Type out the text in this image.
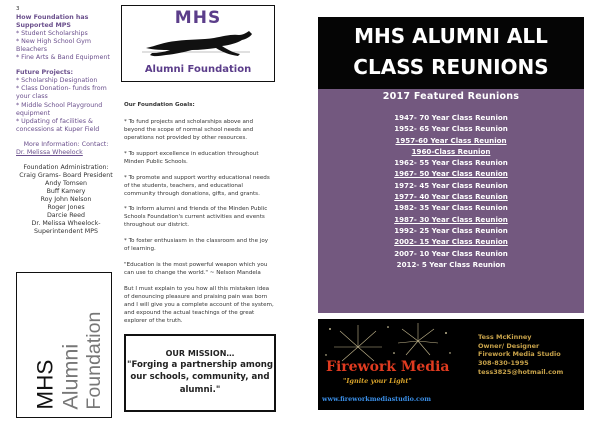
3
How Foundation has Supported MPS
* Student Scholarships
* New High School Gym Bleachers
* Fine Arts & Band Equipment
Future Projects:
* Scholarship Designation
* Class Donation- funds from your class
* Middle School Playground equipment
* Updating of facilities & concessions at Kuper Field
More Information: Contact:
Dr. Melissa Wheelock
Foundation Administration:
Craig Grams- Board President
Andy Tomsen
Buff Kamery
Roy John Nelson
Roger Jones
Darcie Reed
Dr. Melissa Wheelock-
Superintendent MPS
MHS Alumni Foundation
MHS
Alumni Foundation
Our Foundation Goals:

* To fund projects and scholarships above and beyond the scope of normal school needs and operations not provided by other resources.

* To support excellence in education throughout Minden Public Schools.

* To promote and support worthy educational needs of the students, teachers, and educational community through donations, gifts, and grants.

* To inform alumni and friends of the Minden Public Schools Foundation's current activities and events throughout our district.

* To foster enthusiasm in the classroom and the joy of learning.

"Education is the most powerful weapon which you can use to change the world." ~ Nelson Mandela

But I must explain to you how all this mistaken idea of denouncing pleasure and praising pain was born and I will give you a complete account of the system, and expound the actual teachings of the great explorer of the truth.

OUR MISSION…
"Forging a partnership among our schools, community, and alumni."
MHS ALUMNI ALL
CLASS REUNIONS
2017 Featured Reunions
1947- 70 Year Class Reunion
1952- 65 Year Class Reunion
1957-60 Year Class Reunion
1960-Class Reunion
1962- 55 Year Class Reunion
1967- 50 Year Class Reunion
1972- 45 Year Class Reunion
1977- 40 Year Class Reunion
1982- 35 Year Class Reunion
1987- 30 Year Class Reunion
1992- 25 Year Class Reunion
2002- 15 Year Class Reunion
2007- 10 Year Class Reunion
2012- 5 Year Class Reunion
Firework Media
"Ignite your Light"
www.fireworkmediastudio.com
Tess McKinney
Owner/ Designer
Firework Media Studio
308-830-1995
tess3825@hotmail.com
